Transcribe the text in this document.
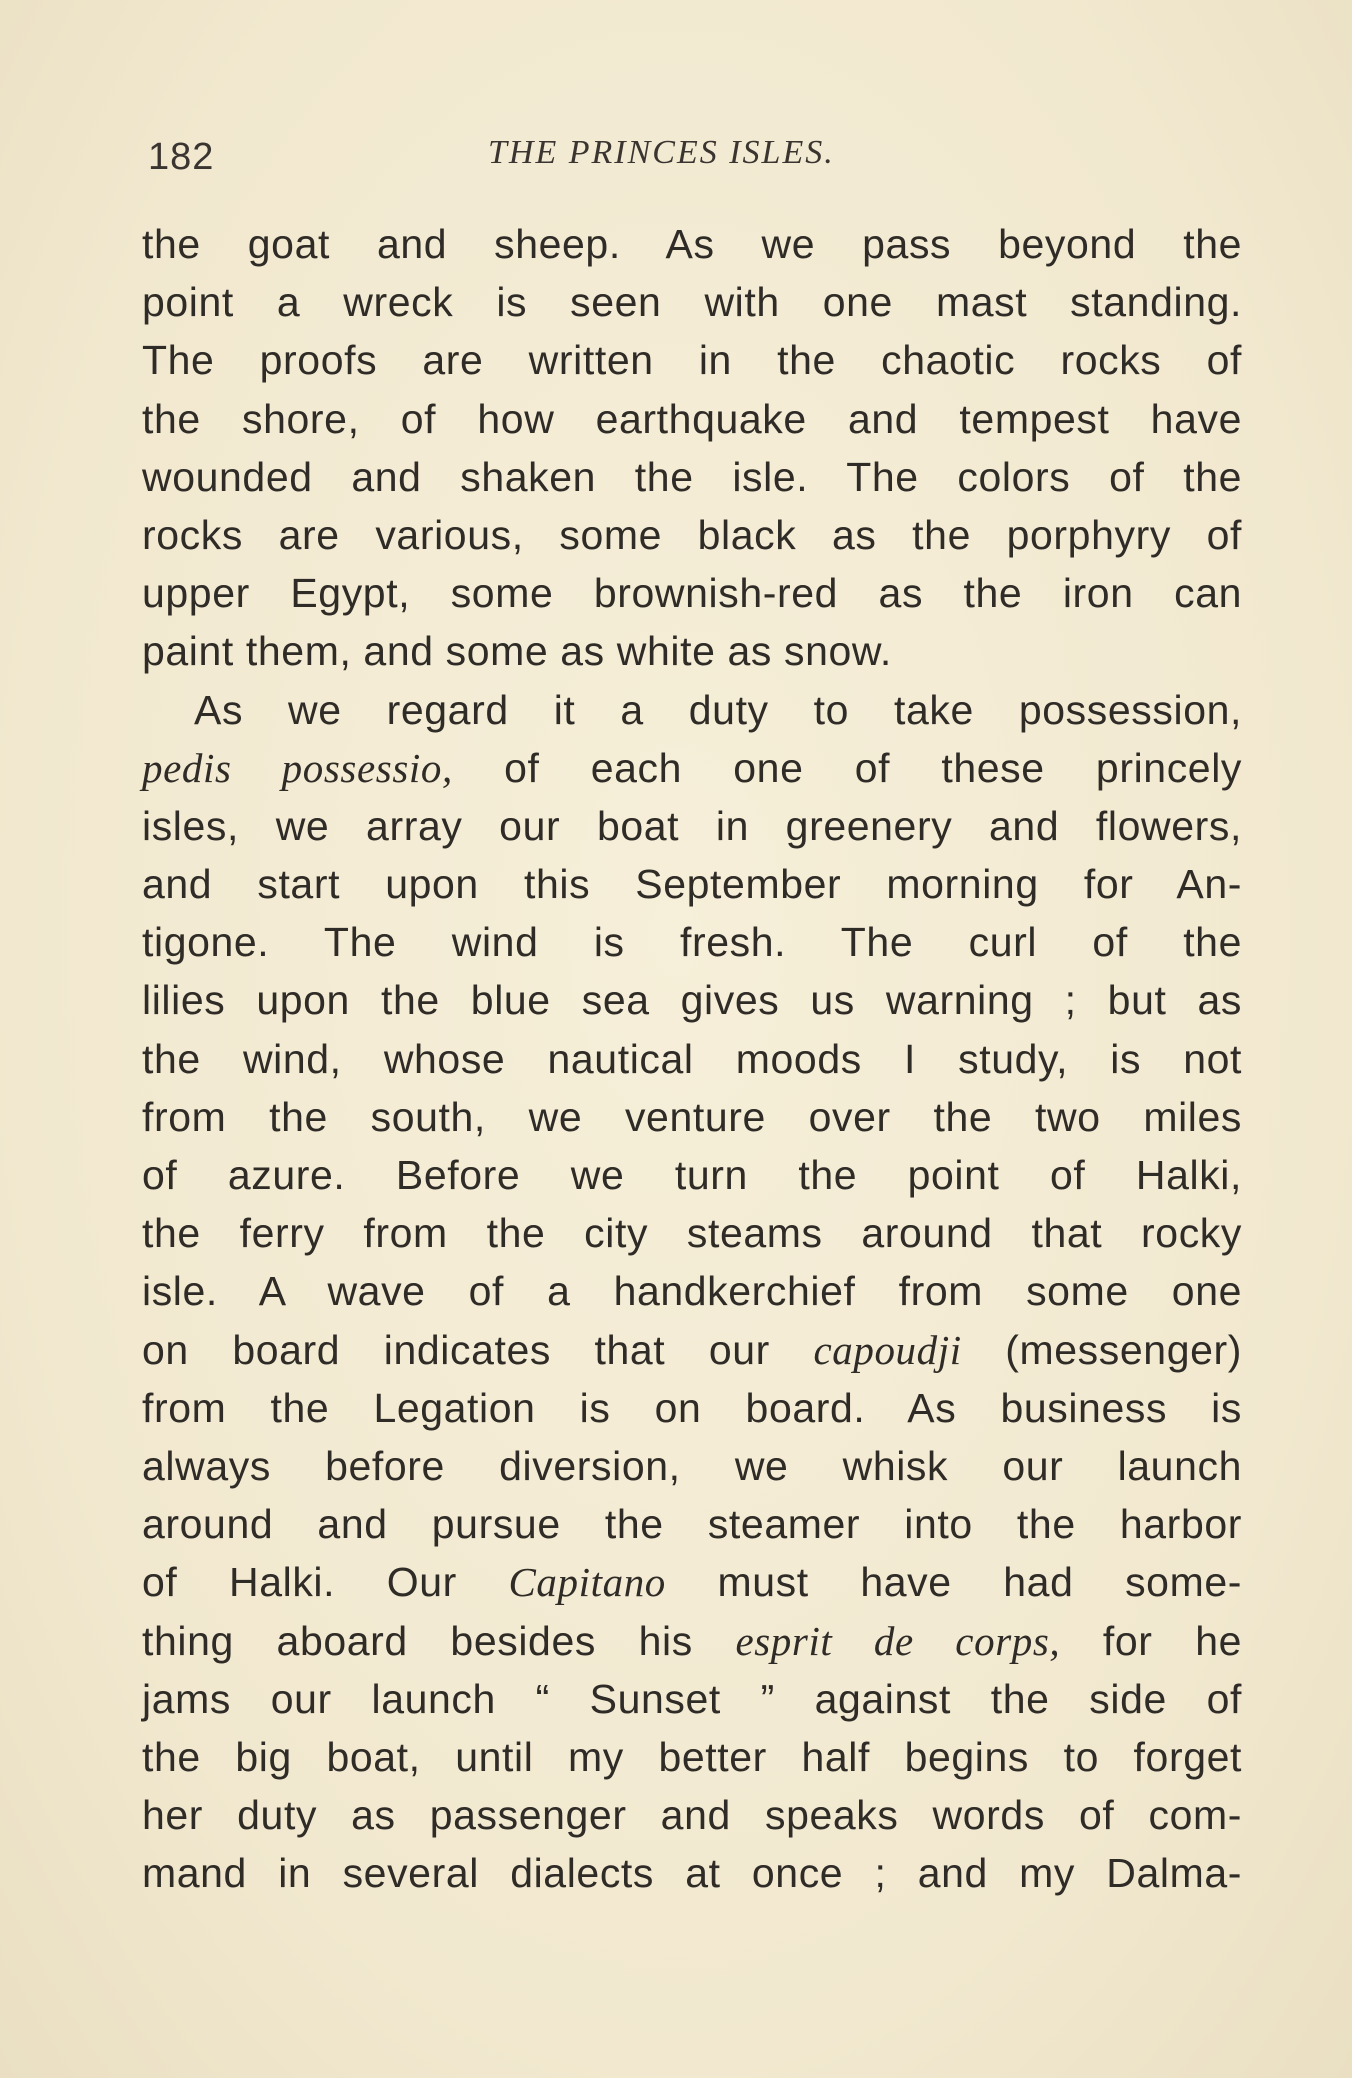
182	THE PRINCES ISLES.
the goat and sheep. As we pass beyond the
point a wreck is seen with one mast standing.
The proofs are written in the chaotic rocks of
the shore, of how earthquake and tempest have
wounded and shaken the isle. The colors of the
rocks are various, some black as the porphyry of
upper Egypt, some brownish-red as the iron can
paint them, and some as white as snow.
As we regard it a duty to take possession,
pedis possessio, of each one of these princely
isles, we array our boat in greenery and flowers,
and start upon this September morning for An-
tigone. The wind is fresh. The curl of the
lilies upon the blue sea gives us warning ; but as
the wind, whose nautical moods I study, is not
from the south, we venture over the two miles
of azure. Before we turn the point of Halki,
the ferry from the city steams around that rocky
isle. A wave of a handkerchief from some one
on board indicates that our capoudji (messenger)
from the Legation is on board. As business is
always before diversion, we whisk our launch
around and pursue the steamer into the harbor
of Halki. Our Capitano must have had some-
thing aboard besides his esprit de corps, for he
jams our launch “ Sunset ” against the side of
the big boat, until my better half begins to forget
her duty as passenger and speaks words of com-
mand in several dialects at once ; and my Dalma-
